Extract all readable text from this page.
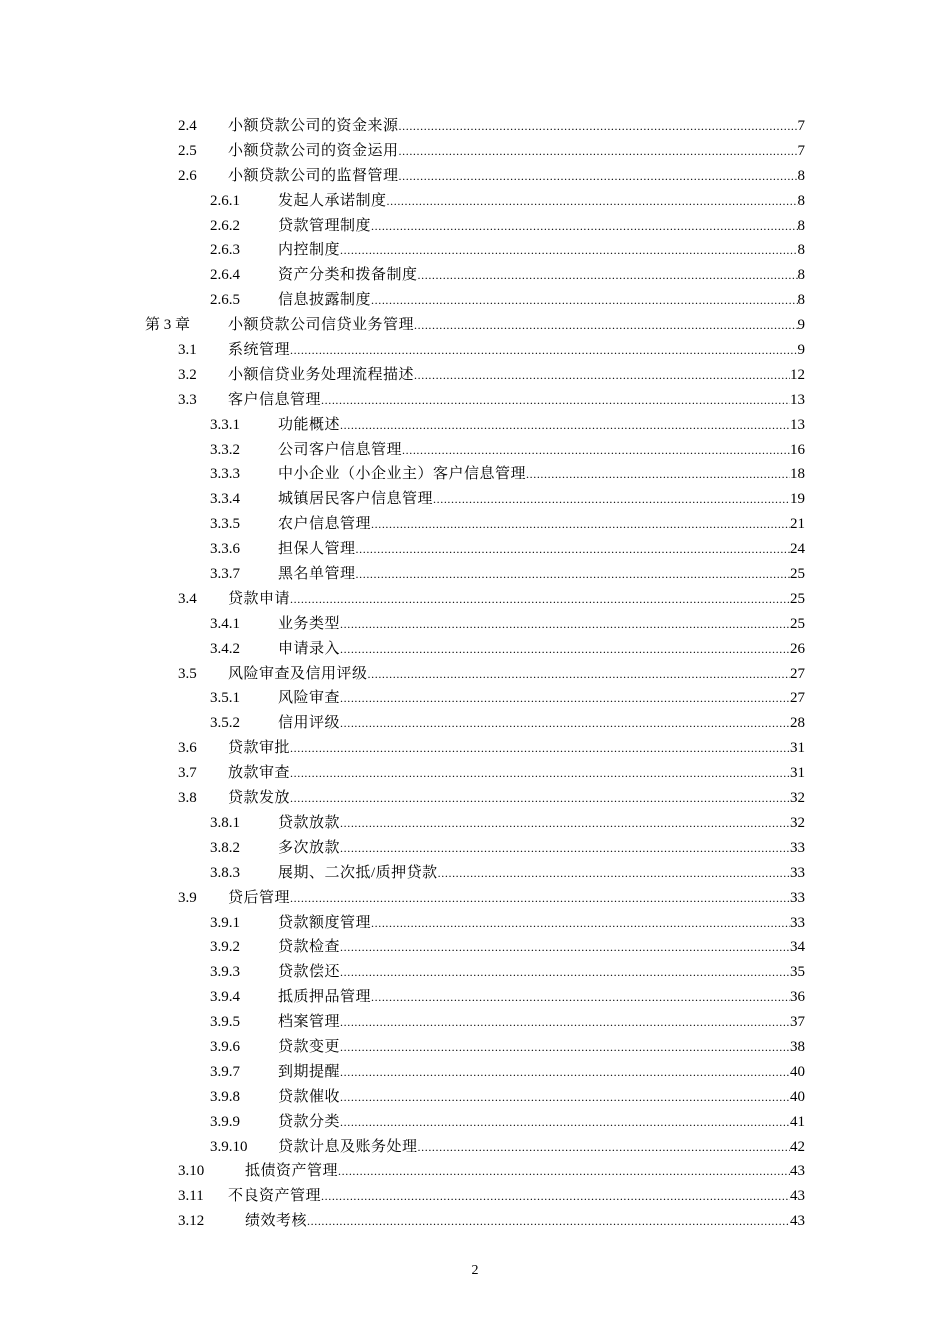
2.4 小额贷款公司的资金来源 .....	7
2.5 小额贷款公司的资金运用 .....	7
2.6 小额贷款公司的监督管理 .....	8
2.6.1	发起人承诺制度 .....	8
2.6.2	贷款管理制度 .....	8
2.6.3	内控制度 .....	8
2.6.4	资产分类和拨备制度 .....	8
2.6.5	信息披露制度 .....	8
第 3 章	小额贷款公司信贷业务管理 .....	9
3.1 系统管理 .....	9
3.2 小额信贷业务处理流程描述 .....	12
3.3 客户信息管理 .....	13
3.3.1	功能概述 .....	13
3.3.2	公司客户信息管理 .....	16
3.3.3	中小企业（小企业主）客户信息管理 .....	18
3.3.4	城镇居民客户信息管理 .....	19
3.3.5	农户信息管理 .....	21
3.3.6	担保人管理 .....	24
3.3.7	黑名单管理 .....	25
3.4 贷款申请 .....	25
3.4.1	业务类型 .....	25
3.4.2	申请录入 .....	26
3.5 风险审查及信用评级 .....	27
3.5.1	风险审查 .....	27
3.5.2	信用评级 .....	28
3.6 贷款审批 .....	31
3.7 放款审查 .....	31
3.8 贷款发放 .....	32
3.8.1	贷款放款 .....	32
3.8.2	多次放款 .....	33
3.8.3	展期、二次抵/质押贷款 .....	33
3.9 贷后管理 .....	33
3.9.1	贷款额度管理 .....	33
3.9.2	贷款检查 .....	34
3.9.3	贷款偿还 .....	35
3.9.4	抵质押品管理 .....	36
3.9.5	档案管理 .....	37
3.9.6	贷款变更 .....	38
3.9.7	到期提醒 .....	40
3.9.8	贷款催收 .....	40
3.9.9	贷款分类 .....	41
3.9.10 贷款计息及账务处理 .....	42
3.10	抵债资产管理 .....	43
3.11 不良资产管理 .....	43
3.12	绩效考核 .....	43
2
